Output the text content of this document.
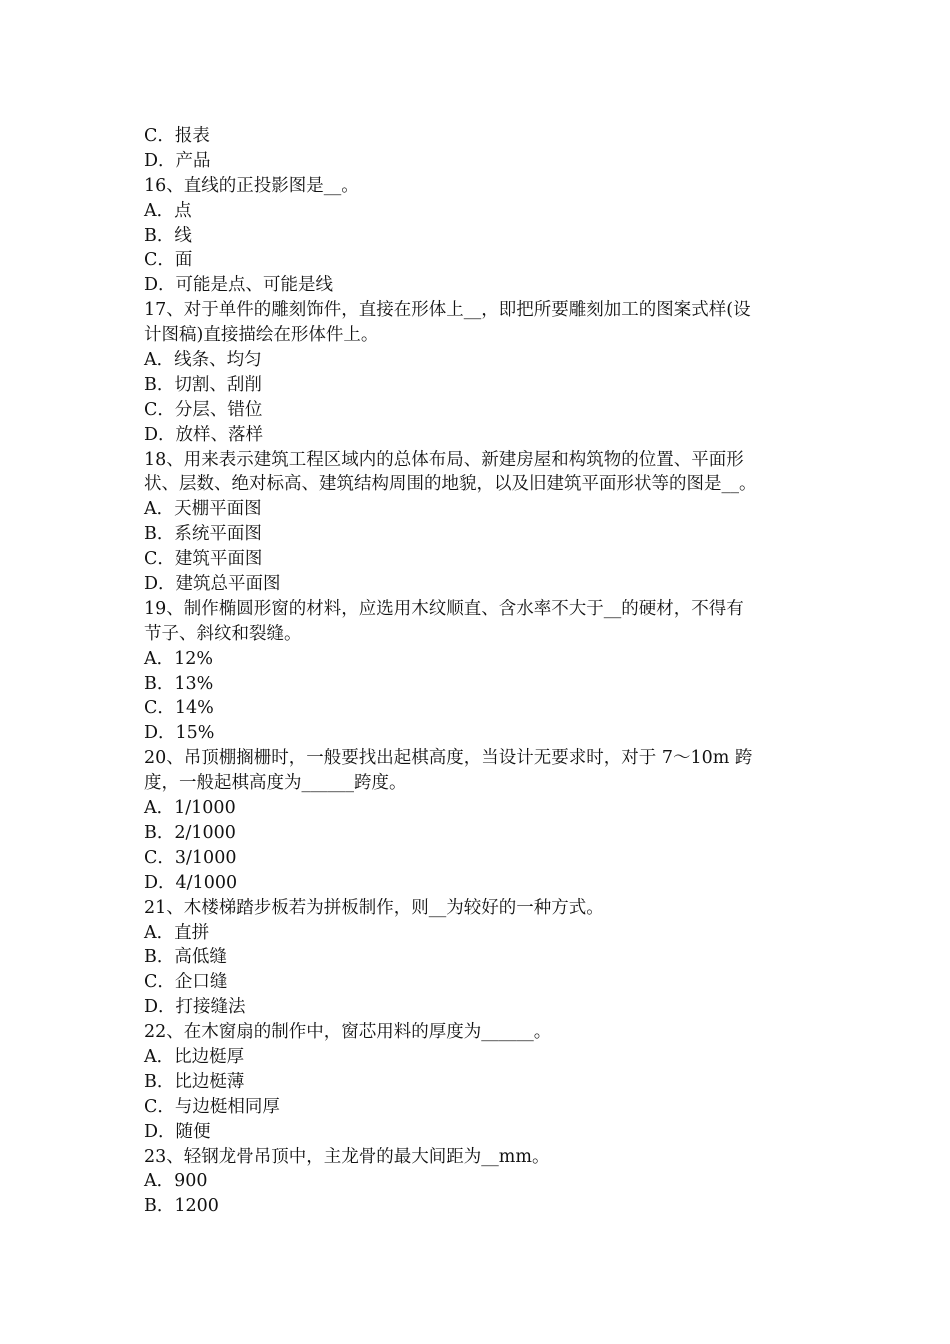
C．报表
D．产品
16、直线的正投影图是__。
A．点
B．线
C．面
D．可能是点、可能是线
17、对于单件的雕刻饰件，直接在形体上__，即把所要雕刻加工的图案式样(设
计图稿)直接描绘在形体件上。
A．线条、均匀
B．切割、刮削
C．分层、错位
D．放样、落样
18、用来表示建筑工程区域内的总体布局、新建房屋和构筑物的位置、平面形
状、层数、绝对标高、建筑结构周围的地貌，以及旧建筑平面形状等的图是__。
A．天棚平面图
B．系统平面图
C．建筑平面图
D．建筑总平面图
19、制作椭圆形窗的材料，应选用木纹顺直、含水率不大于__的硬材，不得有
节子、斜纹和裂缝。
A．12%
B．13%
C．14%
D．15%
20、吊顶棚搁栅时，一般要找出起棋高度，当设计无要求时，对于 7～10m 跨
度，一般起棋高度为______跨度。
A．1/1000
B．2/1000
C．3/1000
D．4/1000
21、木楼梯踏步板若为拼板制作，则__为较好的一种方式。
A．直拼
B．高低缝
C．企口缝
D．打接缝法
22、在木窗扇的制作中，窗芯用料的厚度为______。
A．比边梃厚
B．比边梃薄
C．与边梃相同厚
D．随便
23、轻钢龙骨吊顶中，主龙骨的最大间距为__mm。
A．900
B．1200
